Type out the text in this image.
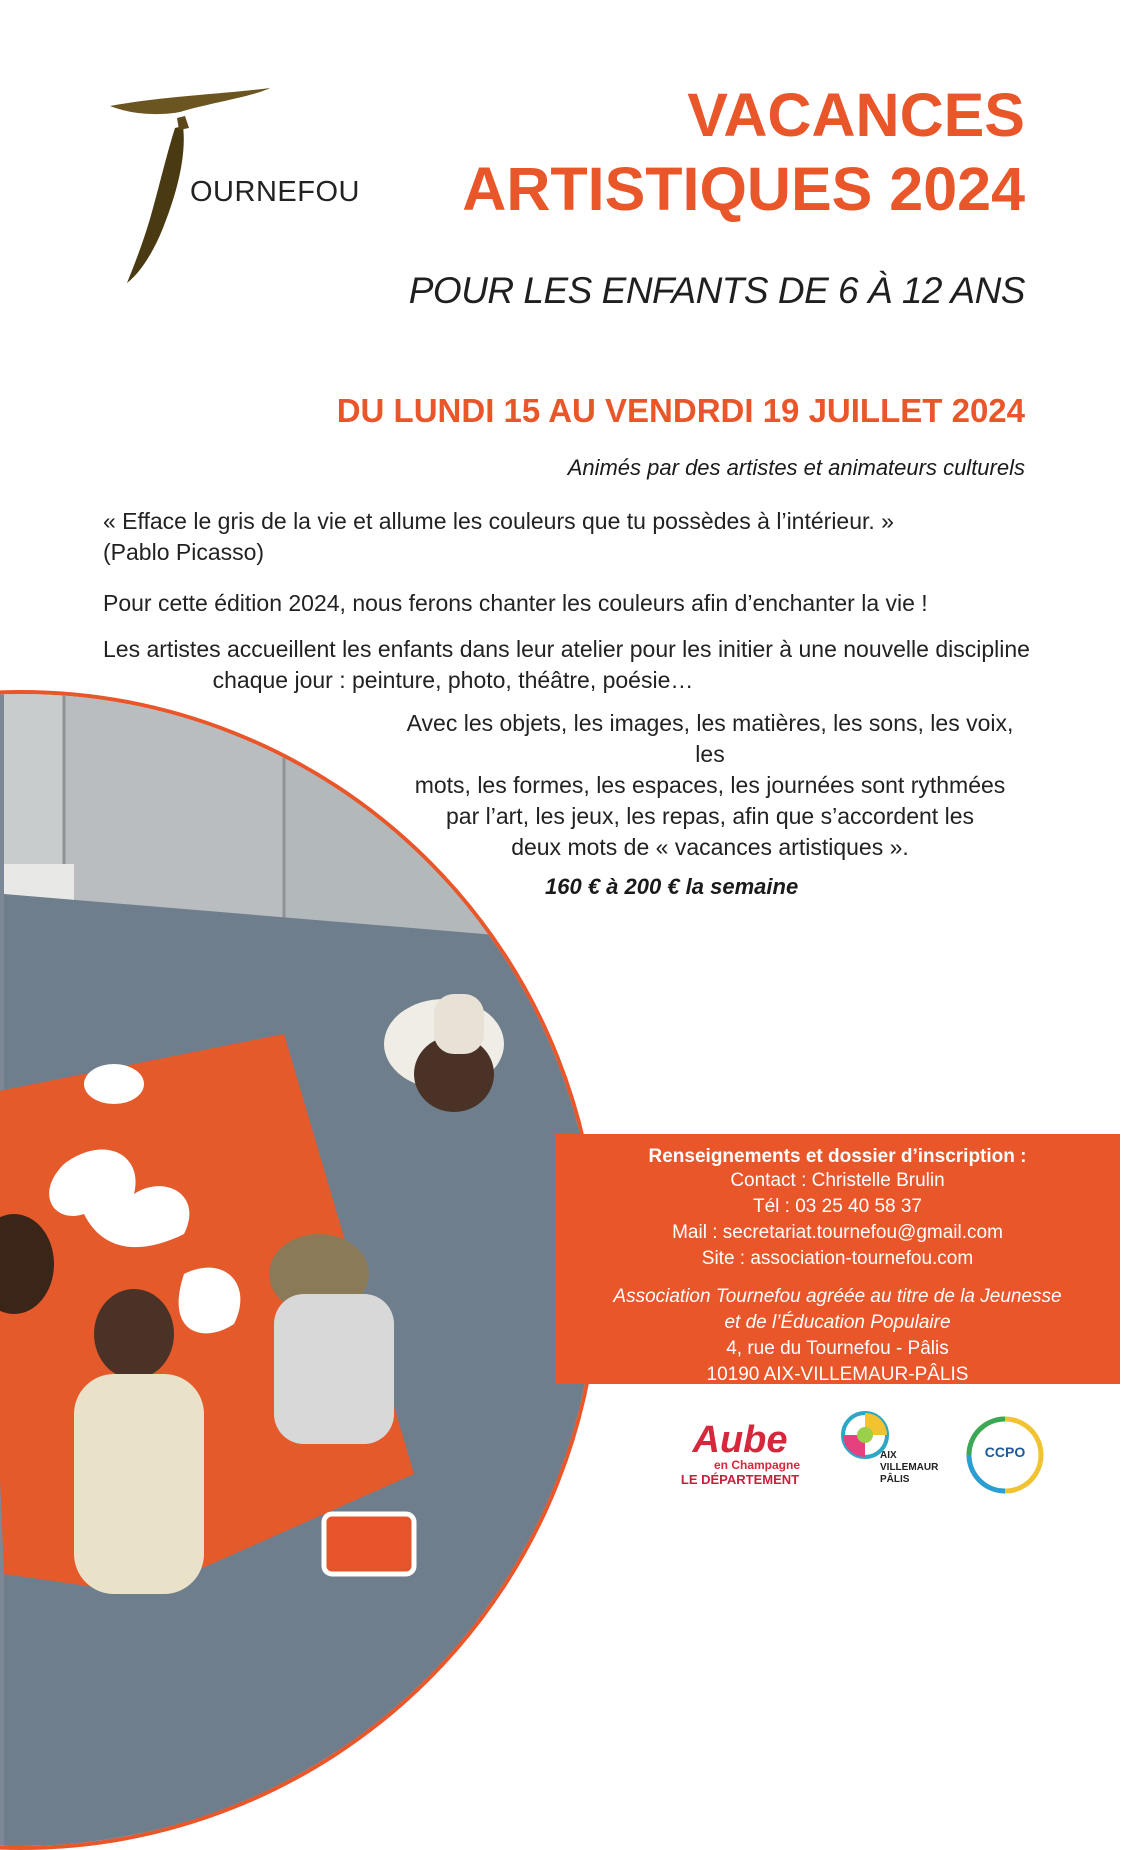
OURNEFOU
VACANCES
ARTISTIQUES 2024
POUR LES ENFANTS DE 6 À 12 ANS
DU LUNDI 15 AU VENDRDI 19 JUILLET 2024
Animés par des artistes et animateurs culturels
« Efface le gris de la vie et allume les couleurs que tu possèdes à l’intérieur. »
(Pablo Picasso)
Pour cette édition 2024, nous ferons chanter les couleurs afin d’enchanter la vie !
Les artistes accueillent les enfants dans leur atelier pour les initier à une nouvelle discipline
chaque jour : peinture, photo, théâtre, poésie…
Avec les objets, les images, les matières, les sons, les voix, les
mots, les formes, les espaces, les journées sont rythmées
par l’art, les jeux, les repas, afin que s’accordent les
deux mots de « vacances artistiques ».
160 € à 200 € la semaine
Renseignements et dossier d’inscription :
Contact : Christelle Brulin
Tél : 03 25 40 58 37
Mail : secretariat.tournefou@gmail.com
Site : association-tournefou.com
Association Tournefou agréée au titre de la Jeunesse
et de l’Éducation Populaire
4, rue du Tournefou - Pâlis
10190 AIX-VILLEMAUR-PÂLIS
Aube
en Champagne
LE DÉPARTEMENT
AIX
VILLEMAUR
PÂLIS
CCPO
